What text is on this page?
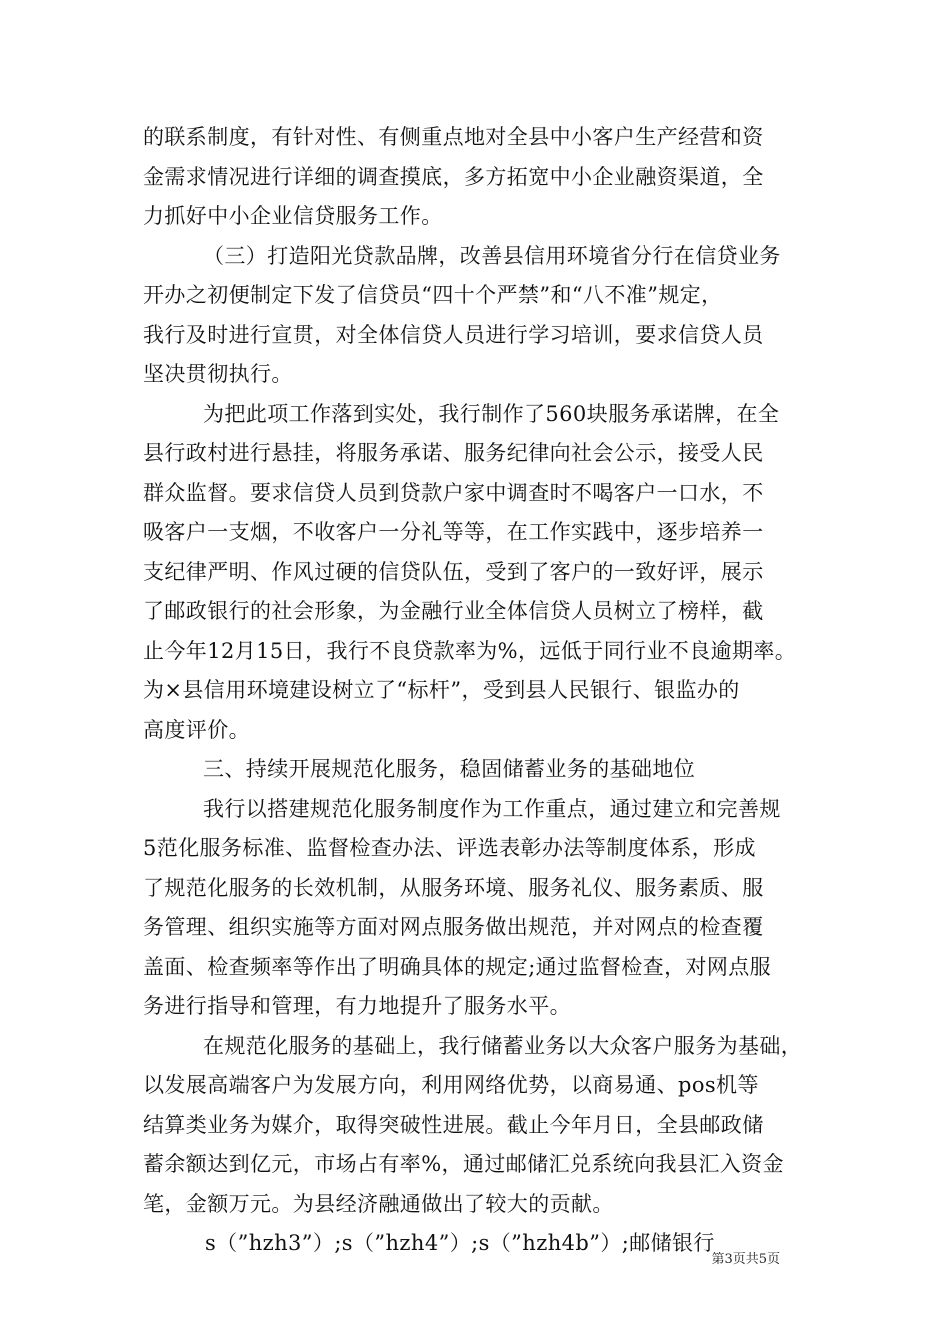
的联系制度，有针对性、有侧重点地对全县中小客户生产经营和资
金需求情况进行详细的调查摸底，多方拓宽中小企业融资渠道，全
力抓好中小企业信贷服务工作。
（三）打造阳光贷款品牌，改善县信用环境省分行在信贷业务
开办之初便制定下发了信贷员“四十个严禁”和“八不准”规定，
我行及时进行宣贯，对全体信贷人员进行学习培训，要求信贷人员
坚决贯彻执行。
为把此项工作落到实处，我行制作了560块服务承诺牌，在全
县行政村进行悬挂，将服务承诺、服务纪律向社会公示，接受人民
群众监督。要求信贷人员到贷款户家中调查时不喝客户一口水，不
吸客户一支烟，不收客户一分礼等等，在工作实践中，逐步培养一
支纪律严明、作风过硬的信贷队伍，受到了客户的一致好评，展示
了邮政银行的社会形象，为金融行业全体信贷人员树立了榜样，截
止今年12月15日，我行不良贷款率为%，远低于同行业不良逾期率。
为×县信用环境建设树立了“标杆”，受到县人民银行、银监办的
高度评价。
三、持续开展规范化服务，稳固储蓄业务的基础地位
我行以搭建规范化服务制度作为工作重点，通过建立和完善规
5范化服务标准、监督检查办法、评选表彰办法等制度体系，形成
了规范化服务的长效机制，从服务环境、服务礼仪、服务素质、服
务管理、组织实施等方面对网点服务做出规范，并对网点的检查覆
盖面、检查频率等作出了明确具体的规定;通过监督检查，对网点服
务进行指导和管理，有力地提升了服务水平。
在规范化服务的基础上，我行储蓄业务以大众客户服务为基础，
以发展高端客户为发展方向，利用网络优势，以商易通、pos机等
结算类业务为媒介，取得突破性进展。截止今年月日，全县邮政储
蓄余额达到亿元，市场占有率%，通过邮储汇兑系统向我县汇入资金
笔，金额万元。为县经济融通做出了较大的贡献。
s（”hzh3”）;s（”hzh4”）;s（”hzh4b”）;邮储银行
第3页共5页
